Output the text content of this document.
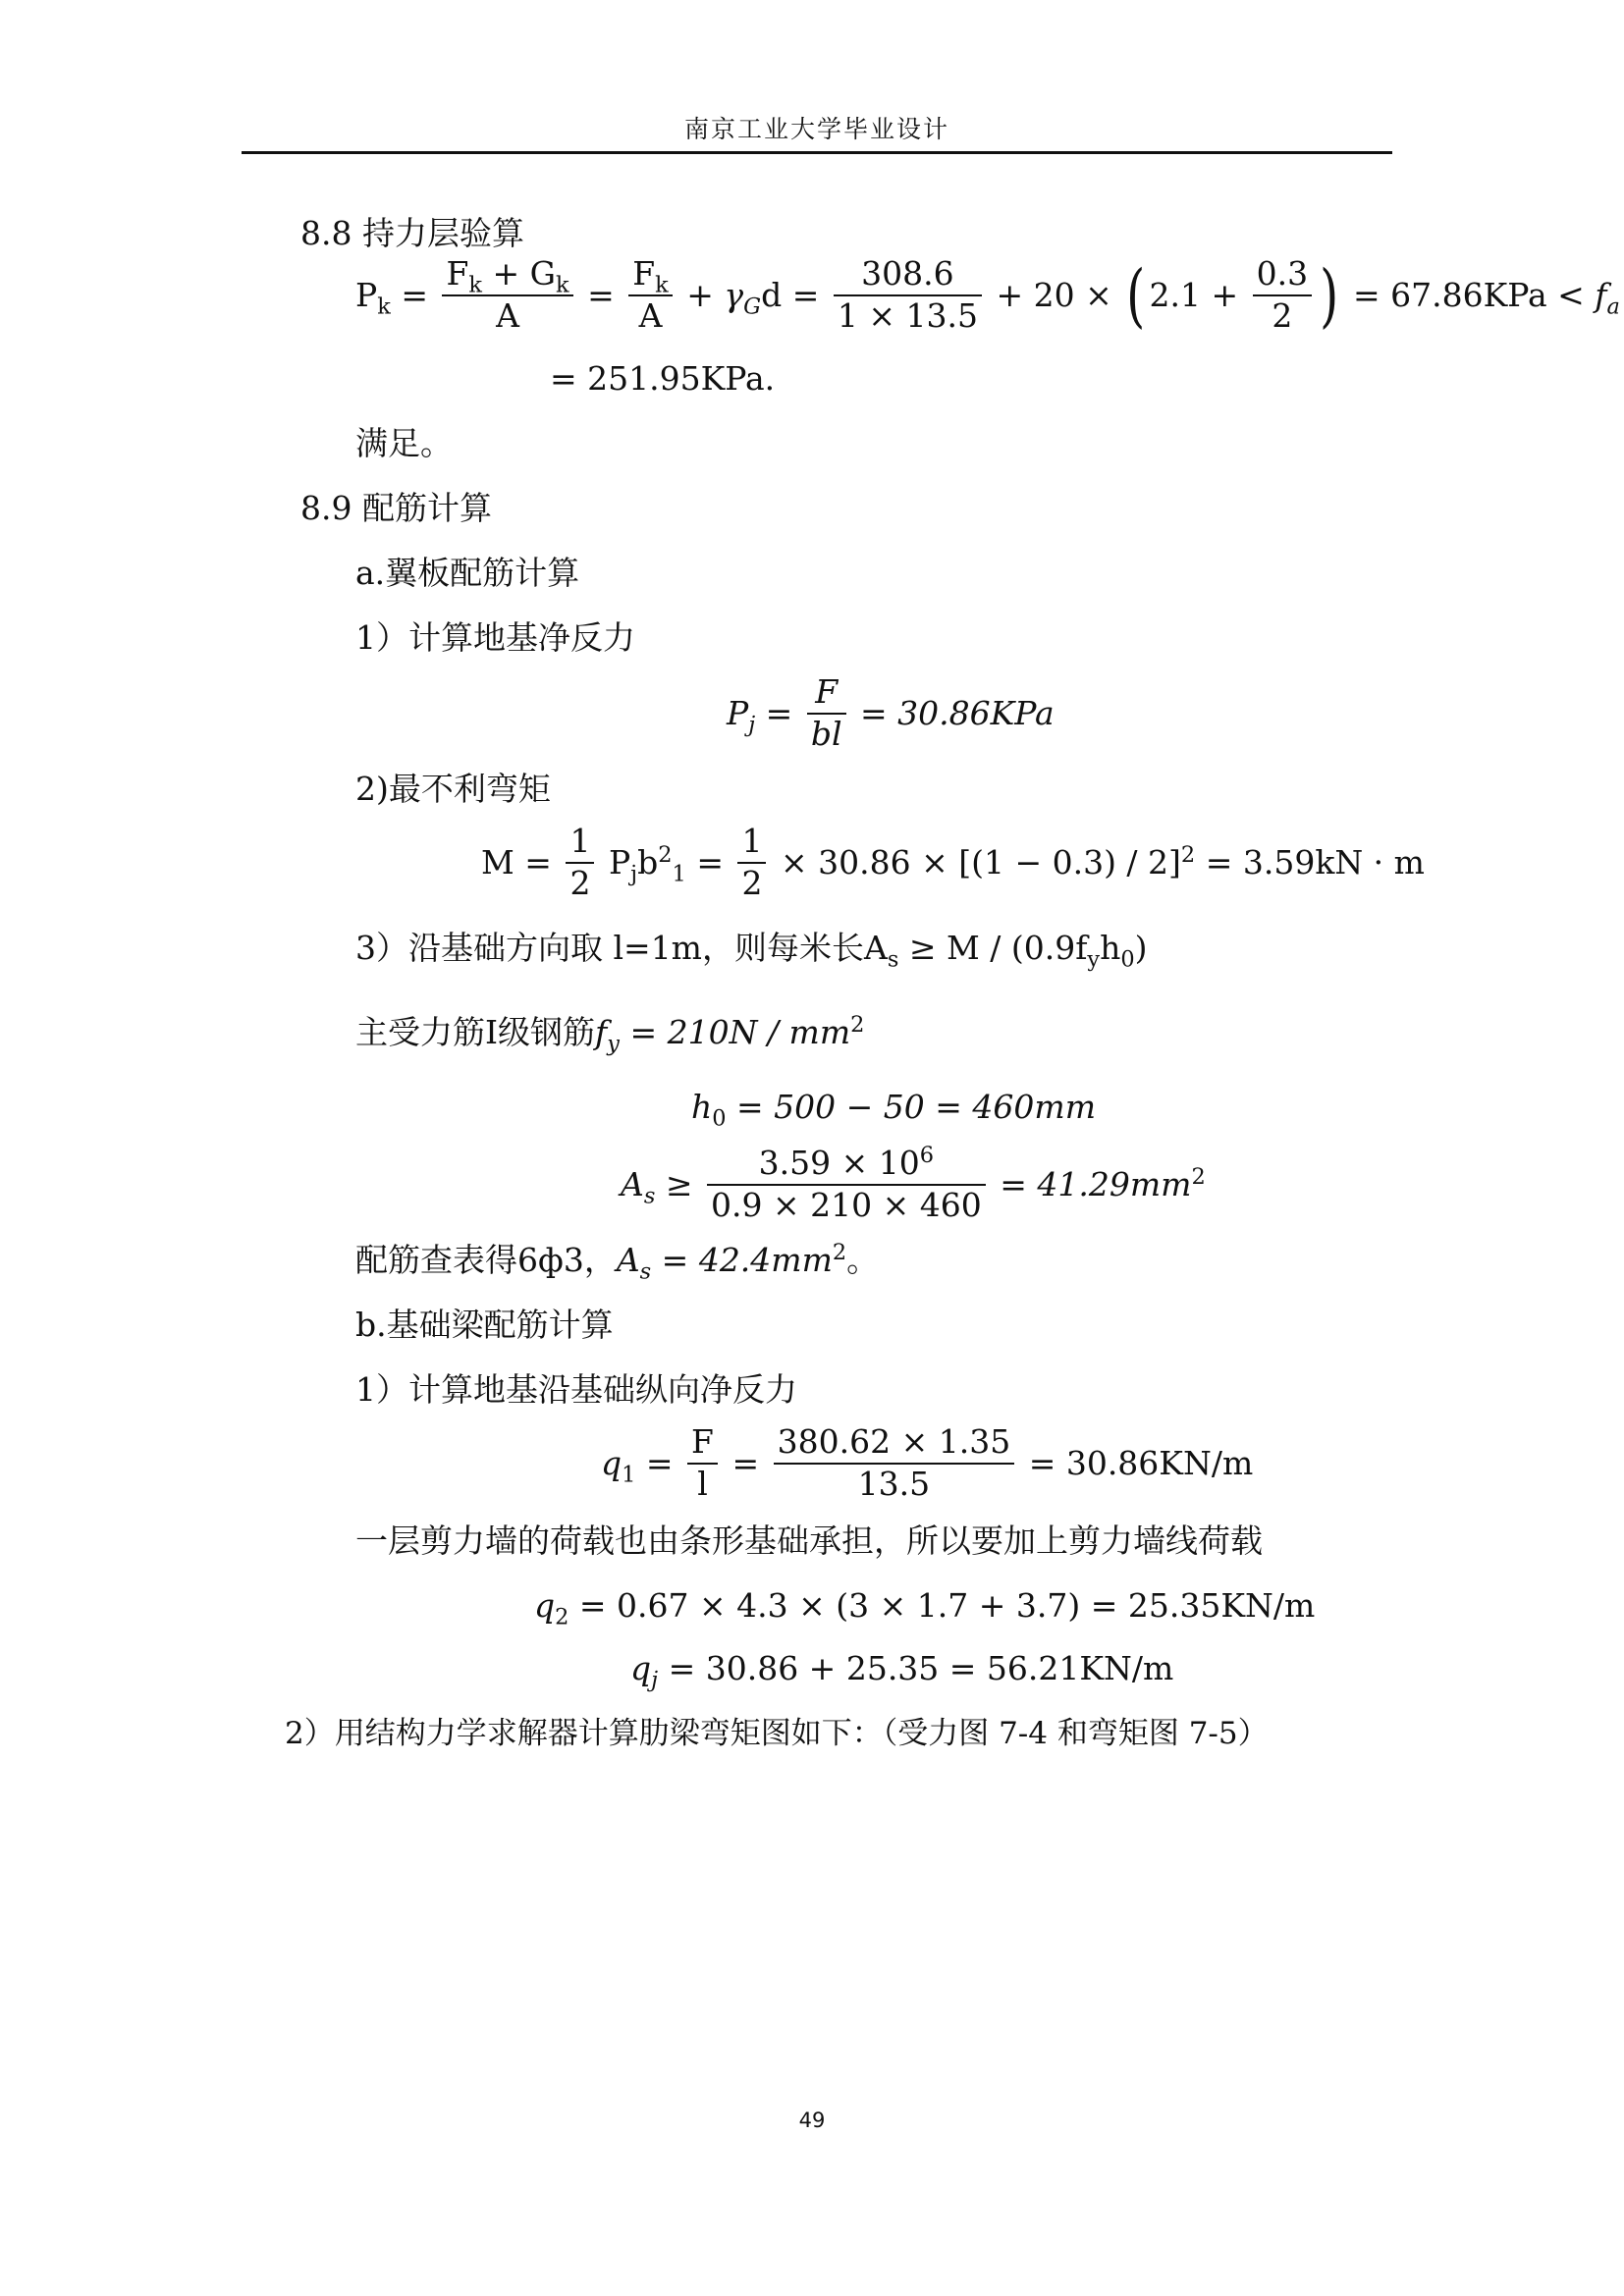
南京工业大学毕业设计
8.8 持力层验算
$P_k = \frac{F_k + G_k}{A} = \frac{F_k}{A} + \gamma_Gd = \frac{308.6}{1 \times 13.5} + 20$ × ( $2.1 + \frac{0.3}{2}$ ) = $67.86KPa < f_a$
= 251.95KPa.
满足。
8.9 配筋计算
a.翼板配筋计算
1）计算地基净反力
$P_j = \frac{F}{bl} = 30.86KPa$
2)最不利弯矩
$M = \frac{1}{2} P_jb^2_1 = \frac{1}{2} \times 30.86 \times [(1 - 0.3) / 2]^2 = 3.59kN \cdot m$
3）沿基础方向取 l=1m，则每米长$A_s \ge M / (0.9f_yh_0)$
主受力筋I级钢筋$f_y = 210N / mm^2$
$h_0 = 500 - 50 = 460mm$
$A_s \ge \frac{3.59 \times 10^6}{0.9 \times 210 \times 460} = 41.29mm^2$
配筋查表得6ф3，$A_s = 42.4mm^2$。
b.基础梁配筋计算
1）计算地基沿基础纵向净反力
$q_1 = \frac{F}{l} = \frac{380.62 \times 1.35}{13.5} = 30.86KN/m$
一层剪力墙的荷载也由条形基础承担，所以要加上剪力墙线荷载
$q_2 = 0.67 \times 4.3 \times (3 \times 1.7 + 3.7) = 25.35KN/m$
$q_j = 30.86 + 25.35 = 56.21KN/m$
2）用结构力学求解器计算肋梁弯矩图如下：（受力图 7-4 和弯矩图 7-5）
49
